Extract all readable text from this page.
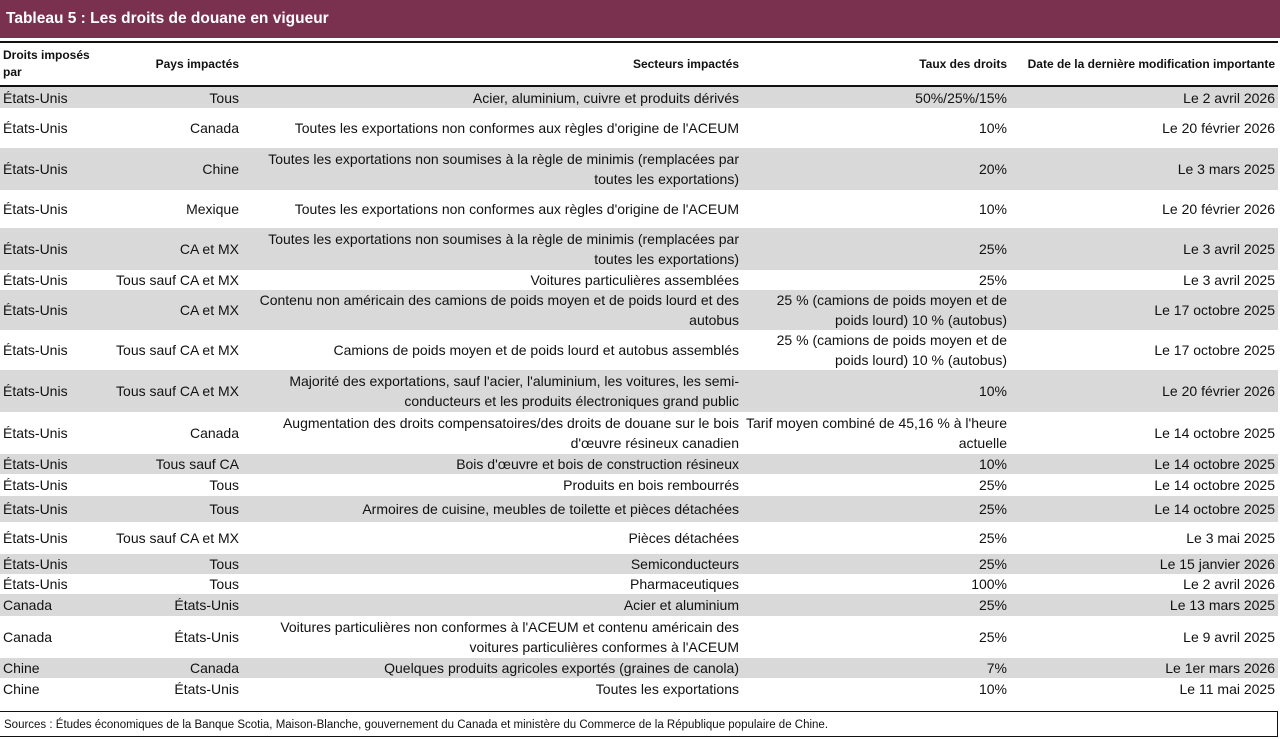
Tableau 5 : Les droits de douane en vigueur
Droits imposés par	Pays impactés	Secteurs impactés	Taux des droits	Date de la dernière modification importante
États-Unis	Tous	Acier, aluminium, cuivre et produits dérivés	50%/25%/15%	Le 2 avril 2026
États-Unis	Canada	Toutes les exportations non conformes aux règles d'origine de l'ACEUM	10%	Le 20 février 2026
États-Unis	Chine	Toutes les exportations non soumises à la règle de minimis (remplacées par toutes les exportations)	20%	Le 3 mars 2025
États-Unis	Mexique	Toutes les exportations non conformes aux règles d'origine de l'ACEUM	10%	Le 20 février 2026
États-Unis	CA et MX	Toutes les exportations non soumises à la règle de minimis (remplacées par toutes les exportations)	25%	Le 3 avril 2025
États-Unis	Tous sauf CA et MX	Voitures particulières assemblées	25%	Le 3 avril 2025
États-Unis	CA et MX	Contenu non américain des camions de poids moyen et de poids lourd et des autobus	25 % (camions de poids moyen et de poids lourd) 10 % (autobus)	Le 17 octobre 2025
États-Unis	Tous sauf CA et MX	Camions de poids moyen et de poids lourd et autobus assemblés	25 % (camions de poids moyen et de poids lourd) 10 % (autobus)	Le 17 octobre 2025
États-Unis	Tous sauf CA et MX	Majorité des exportations, sauf l'acier, l'aluminium, les voitures, les semi-conducteurs et les produits électroniques grand public	10%	Le 20 février 2026
États-Unis	Canada	Augmentation des droits compensatoires/des droits de douane sur le bois d'œuvre résineux canadien	Tarif moyen combiné de 45,16 % à l'heure actuelle	Le 14 octobre 2025
États-Unis	Tous sauf CA	Bois d'œuvre et bois de construction résineux	10%	Le 14 octobre 2025
États-Unis	Tous	Produits en bois rembourrés	25%	Le 14 octobre 2025
États-Unis	Tous	Armoires de cuisine, meubles de toilette et pièces détachées	25%	Le 14 octobre 2025
États-Unis	Tous sauf CA et MX	Pièces détachées	25%	Le 3 mai 2025
États-Unis	Tous	Semiconducteurs	25%	Le 15 janvier 2026
États-Unis	Tous	Pharmaceutiques	100%	Le 2 avril 2026
Canada	États-Unis	Acier et aluminium	25%	Le 13 mars 2025
Canada	États-Unis	Voitures particulières non conformes à l'ACEUM et contenu américain des voitures particulières conformes à l'ACEUM	25%	Le 9 avril 2025
Chine	Canada	Quelques produits agricoles exportés (graines de canola)	7%	Le 1er mars 2026
Chine	États-Unis	Toutes les exportations	10%	Le 11 mai 2025
Sources : Études économiques de la Banque Scotia, Maison-Blanche, gouvernement du Canada et ministère du Commerce de la République populaire de Chine.
